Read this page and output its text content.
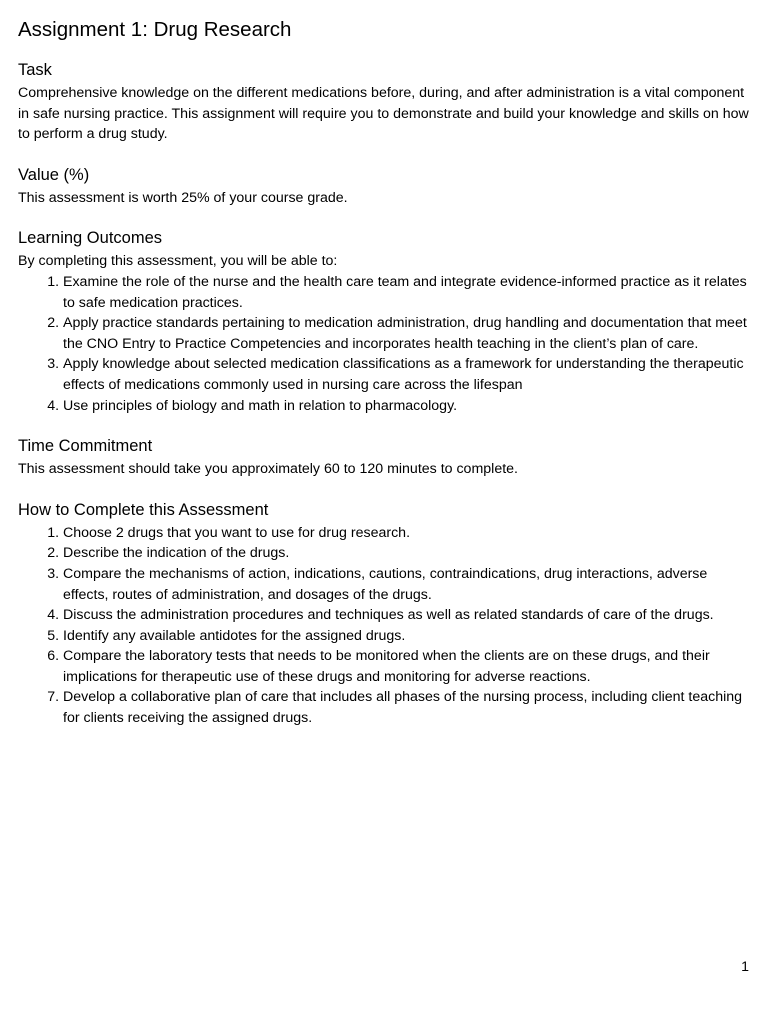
Assignment 1: Drug Research
Task

Comprehensive knowledge on the different medications before, during, and after administration is a vital component in safe nursing practice. This assignment will require you to demonstrate and build your knowledge and skills on how to perform a drug study.

Value (%)

This assessment is worth 25% of your course grade.

Learning Outcomes

By completing this assessment, you will be able to:

1. Examine the role of the nurse and the health care team and integrate evidence-informed practice as it relates to safe medication practices.
2. Apply practice standards pertaining to medication administration, drug handling and documentation that meet the CNO Entry to Practice Competencies and incorporates health teaching in the client’s plan of care.
3. Apply knowledge about selected medication classifications as a framework for understanding the therapeutic effects of medications commonly used in nursing care across the lifespan
4. Use principles of biology and math in relation to pharmacology.
Time Commitment

This assessment should take you approximately 60 to 120 minutes to complete.

How to Complete this Assessment
1. Choose 2 drugs that you want to use for drug research.
2. Describe the indication of the drugs.
3. Compare the mechanisms of action, indications, cautions, contraindications, drug interactions, adverse effects, routes of administration, and dosages of the drugs.
4. Discuss the administration procedures and techniques as well as related standards of care of the drugs.
5. Identify any available antidotes for the assigned drugs.
6. Compare the laboratory tests that needs to be monitored when the clients are on these drugs, and their implications for therapeutic use of these drugs and monitoring for adverse reactions.
7. Develop a collaborative plan of care that includes all phases of the nursing process, including client teaching for clients receiving the assigned drugs.
1
